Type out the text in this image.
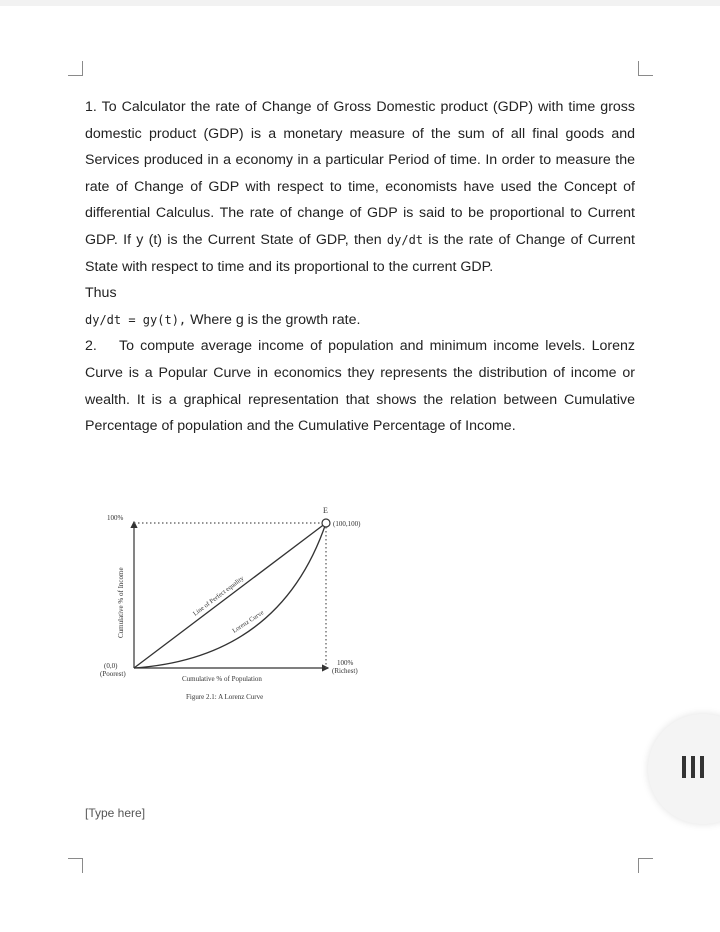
1. To Calculator the rate of Change of Gross Domestic product (GDP) with time gross domestic product (GDP) is a monetary measure of the sum of all final goods and Services produced in a economy in a particular Period of time. In order to measure the rate of Change of GDP with respect to time, economists have used the Concept of differential Calculus. The rate of change of GDP is said to be proportional to Current GDP. If y (t) is the Current State of GDP, then dy/dt is the rate of Change of Current State with respect to time and its proportional to the current GDP.

Thus

dy/dt = gy(t), Where g is the growth rate.

2. To compute average income of population and minimum income levels. Lorenz Curve is a Popular Curve in economics they represents the distribution of income or wealth. It is a graphical representation that shows the relation between Cumulative Percentage of population and the Cumulative Percentage of Income.

100%
Cumulative % of Income
(0,0)
(Poorest)
100%
(Richest)
Cumulative % of Population
E
(100,100)
Line of Perfect equality
Lorenz Curve
Figure 2.1: A Lorenz Curve
[Type here]
